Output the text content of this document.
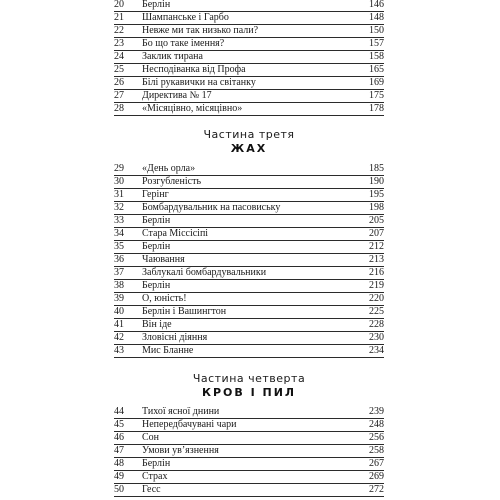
20	Берлін	146
21	Шампанське і Гарбо	148
22	Невже ми так низько пали?	150
23	Бо що таке імення?	157
24	Заклик тирана	158
25	Несподіванка від Профа	165
26	Білі рукавички на світанку	169
27	Директива № 17	175
28	«Місяцівно, місяцівно»	178
Частина третя
ЖАХ
29	«День орла»	185
30	Розгубленість	190
31	Герінг	195
32	Бомбардувальник на пасовиську	198
33	Берлін	205
34	Стара Міссісіпі	207
35	Берлін	212
36	Чаювання	213
37	Заблукалі бомбардувальники	216
38	Берлін	219
39	О, юність!	220
40	Берлін і Вашингтон	225
41	Він іде	228
42	Зловісні діяння	230
43	Мис Бланне	234
Частина четверта
КРОВ І ПИЛ
44	Тихої ясної днини	239
45	Непередбачувані чари	248
46	Сон	256
47	Умови ув’язнення	258
48	Берлін	267
49	Страх	269
50	Гесс	272
